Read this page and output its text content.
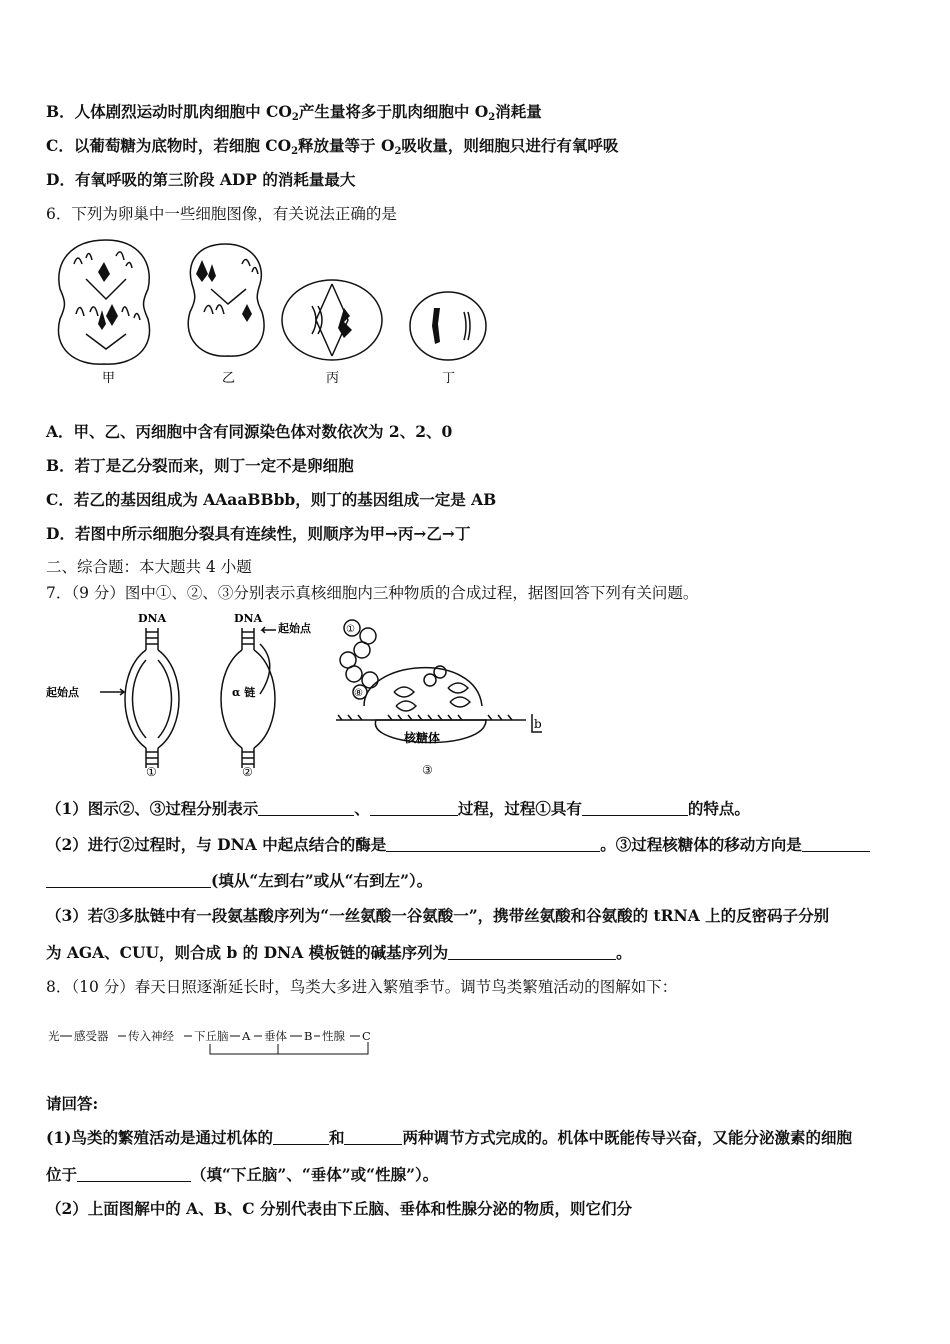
B．人体剧烈运动时肌肉细胞中 $CO_2$产生量将多于肌肉细胞中 $O_2$消耗量
C．以葡萄糖为底物时，若细胞 $CO_2$释放量等于 $O_2$吸收量，则细胞只进行有氧呼吸
D．有氧呼吸的第三阶段 ADP 的消耗量最大
6．下列为卵巢中一些细胞图像，有关说法正确的是
甲	乙	丙	丁
A．甲、乙、丙细胞中含有同源染色体对数依次为 2、2、0
B．若丁是乙分裂而来，则丁一定不是卵细胞
C．若乙的基因组成为 AAaaBBbb，则丁的基因组成一定是 AB
D．若图中所示细胞分裂具有连续性，则顺序为甲→丙→乙→丁
二、综合题：本大题共 4 小题
7．（9 分）图中①、②、③分别表示真核细胞内三种物质的合成过程，据图回答下列有关问题。
DNA
起始点
①
DNA
起始点
α 链
②
①
⑧
核糖体
b
③
（1）图示②、③过程分别表示	、	过程，过程①具有	的特点。
（2）进行②过程时，与 DNA 中起点结合的酶是	。③过程核糖体的移动方向是
(填从“左到右”或从“右到左”）。
（3）若③多肽链中有一段氨基酸序列为“一丝氨酸一谷氨酸一”，携带丝氨酸和谷氨酸的 tRNA 上的反密码子分别
为 AGA、CUU，则合成 b 的 DNA 模板链的碱基序列为	。
8．（10 分）春天日照逐渐延长时，鸟类大多进入繁殖季节。调节鸟类繁殖活动的图解如下：
光 感受器 传入神经 下丘脑 A 垂体 B 性腺 C
请回答:
(1)鸟类的繁殖活动是通过机体的	和	两种调节方式完成的。机体中既能传导兴奋，又能分泌激素的细胞
位于	（填“下丘脑”、“垂体”或“性腺”）。
（2）上面图解中的 A、B、C 分别代表由下丘脑、垂体和性腺分泌的物质，则它们分
